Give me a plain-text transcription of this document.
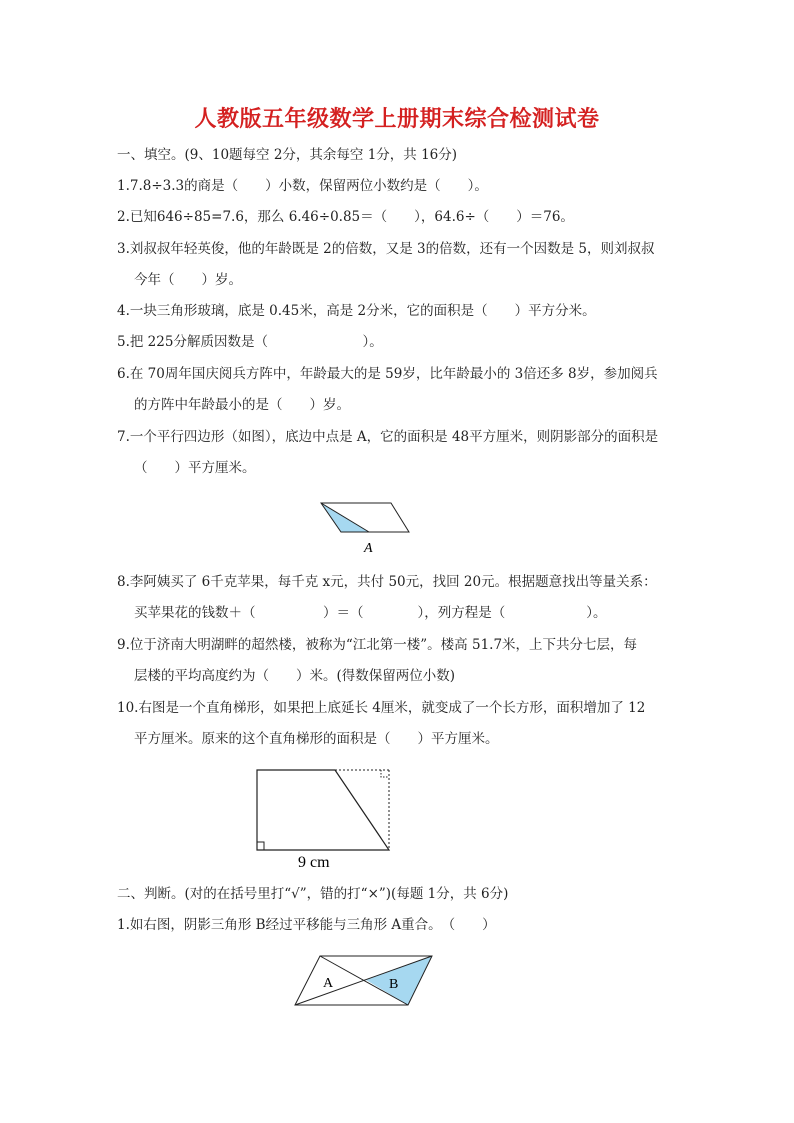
人教版五年级数学上册期末综合检测试卷
一、填空。(9、10题每空 2分，其余每空 1分，共 16分)
1.7.8÷3.3的商是（　　）小数，保留两位小数约是（　　）。
2.已知646÷85=7.6，那么 6.46÷0.85＝（　　），64.6÷（　　）＝76。
3.刘叔叔年轻英俊，他的年龄既是 2的倍数，又是 3的倍数，还有一个因数是 5，则刘叔叔
今年（　　）岁。
4.一块三角形玻璃，底是 0.45米，高是 2分米，它的面积是（　　）平方分米。
5.把 225分解质因数是（　　　　　　　）。
6.在 70周年国庆阅兵方阵中，年龄最大的是 59岁，比年龄最小的 3倍还多 8岁，参加阅兵
的方阵中年龄最小的是（　　）岁。
7.一个平行四边形（如图），底边中点是 A，它的面积是 48平方厘米，则阴影部分的面积是
（　　）平方厘米。
A
8.李阿姨买了 6千克苹果，每千克 x元，共付 50元，找回 20元。根据题意找出等量关系：
买苹果花的钱数＋（　　　　　）＝（　　　　），列方程是（　　　　　　）。
9.位于济南大明湖畔的超然楼，被称为“江北第一楼”。楼高 51.7米，上下共分七层，每
层楼的平均高度约为（　　）米。(得数保留两位小数)
10.右图是一个直角梯形，如果把上底延长 4厘米，就变成了一个长方形，面积增加了 12
平方厘米。原来的这个直角梯形的面积是（　　）平方厘米。
9 cm
二、判断。(对的在括号里打“√”，错的打“×”)(每题 1分，共 6分)
1.如右图，阴影三角形 B经过平移能与三角形 A重合。　（　　）
A	B
